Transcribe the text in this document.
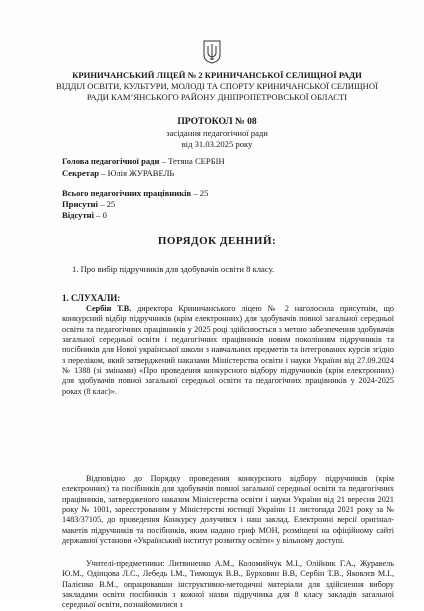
КРИНИЧАНСЬКИЙ ЛІЦЕЙ № 2 КРИНИЧАНСЬКОЇ СЕЛИЩНОЇ РАДИ
ВІДДІЛ ОСВІТИ, КУЛЬТУРИ, МОЛОДІ ТА СПОРТУ КРИНИЧАНСЬКОЇ СЕЛИЩНОЇ
РАДИ КАМ’ЯНСЬКОГО РАЙОНУ ДНІПРОПЕТРОВСЬКОЇ ОБЛАСТІ
ПРОТОКОЛ № 08
засідання педагогічної ради
від 31.03.2025 року
Голова педагогічної ради – Тетяна СЕРБІН
Секретар – Юлія ЖУРАВЕЛЬ
Всього педагогічних працівників – 25
Присутні – 25
Відсутні – 0
ПОРЯДОК ДЕННИЙ:
1. Про вибір підручників для здобувачів освіти 8 класу.
1. СЛУХАЛИ:
Сербін Т.В. директора Криничанського ліцею № 2 наголосила присутнім, що конкурсний відбір підручників (крім електронних) для здобувачів повної загальної середньої освіти та педагогічних працівників у 2025 році здійснюється з метою забезпечення здобувачів загальної середньої освіти і педагогічних працівників новим поколінням підручників та посібників для Нової української школи з навчальних предметів та інтегрованих курсів згідно з переліком, який затверджений наказами Міністерства освіти і науки України від 27.09.2024 № 1388 (зі змінами) «Про проведення конкурсного відбору підручників (крім електронних) для здобувачів повної загальної середньої освіти та педагогічних працівників у 2024-2025 роках (8 клас)».
Відповідно до Порядку проведення конкурсного відбору підручників (крім електронних) та посібників для здобувачів повної загальної середньої освіти та педагогічних працівників, затвердженого наказом Міністерства освіти і науки України від 21 вересня 2021 року № 1001, зареєстрованим у Міністерстві юстиції України 11 листопада 2021 року за № 1483/37105, до проведення Конкурсу долучився і наш заклад. Електронні версії оригінал-макетів підручників та посібників, яким надано гриф МОН, розміщені на офіційному сайті державної установи «Український інститут розвитку освіти» у вільному доступі.
Учителі-предметники: Литвиненко А.М., Коломийчук М.І., Олійник Г.А., Журавель Ю.М., Одінцова Л.С., Лебедь І.М., Тимощук В.В., Бурховин В.В, Сербін Т.В., Яковлєв М.І., Палієнко В.М., опрацювавши інструктивно-методичні матеріали для здійснення вибору закладами освіти посібників з кожної назви підручника для 8 класу закладів загальної середньої освіти, познайомилися з
